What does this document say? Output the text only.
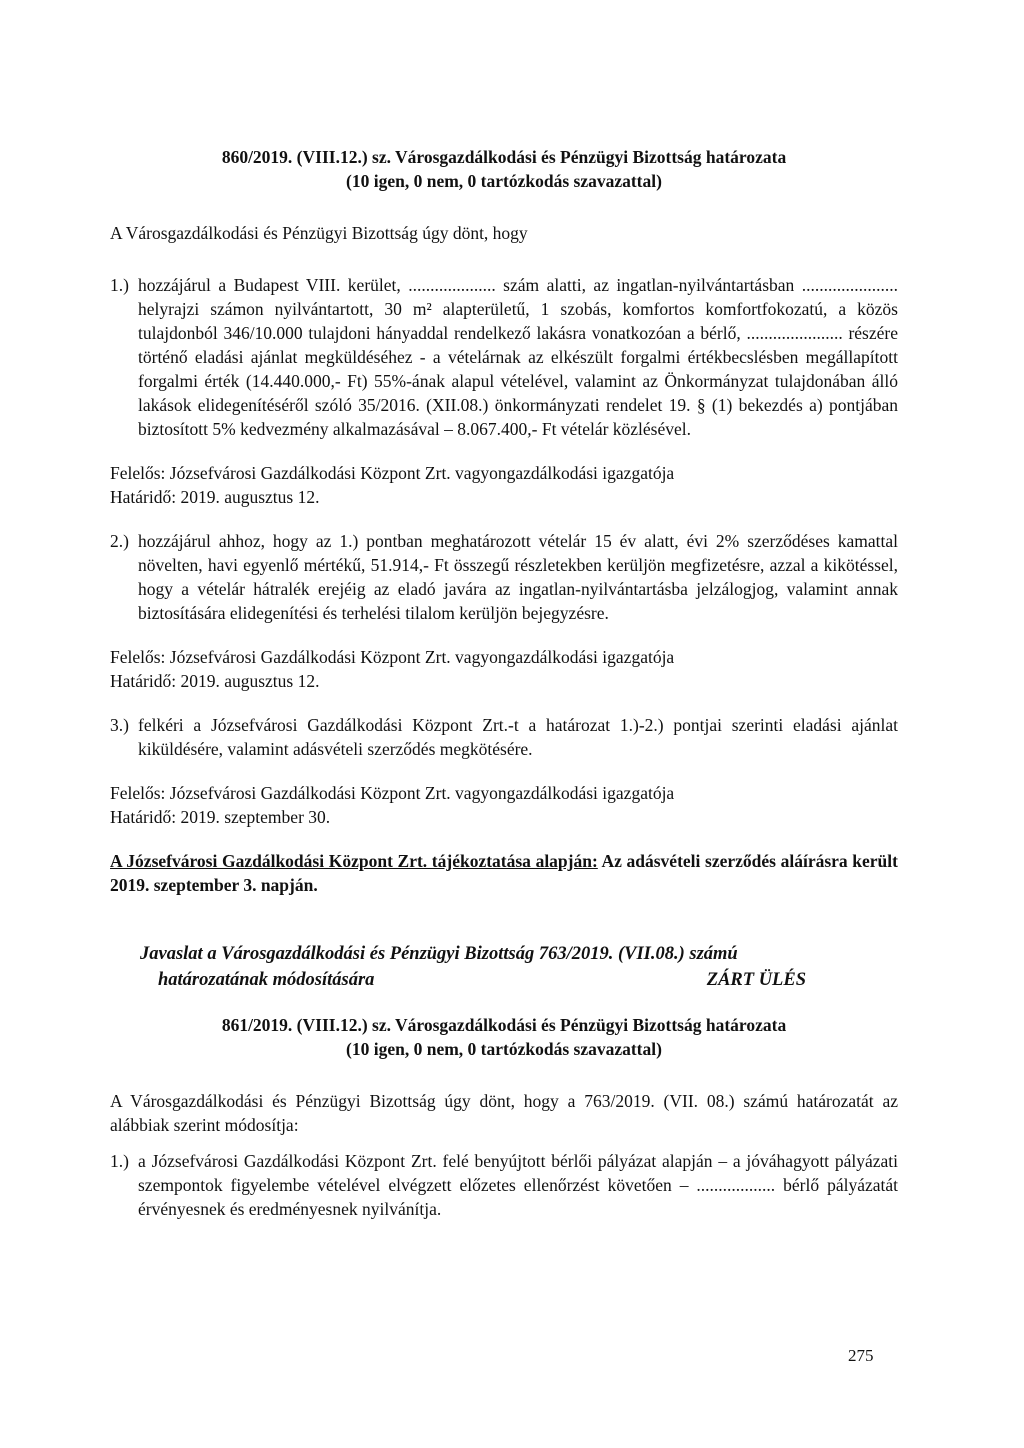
860/2019. (VIII.12.) sz. Városgazdálkodási és Pénzügyi Bizottság határozata
(10 igen, 0 nem, 0 tartózkodás szavazattal)

A Városgazdálkodási és Pénzügyi Bizottság úgy dönt, hogy

1.) hozzájárul a Budapest VIII. kerület, .................... szám alatti, az ingatlan-nyilvántartásban ...................... helyrajzi számon nyilvántartott, 30 m² alapterületű, 1 szobás, komfortos komfortfokozatú, a közös tulajdonból 346/10.000 tulajdoni hányaddal rendelkező lakásra vonatkozóan a bérlő, ...................... részére történő eladási ajánlat megküldéséhez - a vételárnak az elkészült forgalmi értékbecslésben megállapított forgalmi érték (14.440.000,- Ft) 55%-ának alapul vételével, valamint az Önkormányzat tulajdonában álló lakások elidegenítéséről szóló 35/2016. (XII.08.) önkormányzati rendelet 19. § (1) bekezdés a) pontjában biztosított 5% kedvezmény alkalmazásával – 8.067.400,- Ft vételár közlésével.
Felelős: Józsefvárosi Gazdálkodási Központ Zrt. vagyongazdálkodási igazgatója
Határidő: 2019. augusztus 12.
2.) hozzájárul ahhoz, hogy az 1.) pontban meghatározott vételár 15 év alatt, évi 2% szerződéses kamattal növelten, havi egyenlő mértékű, 51.914,- Ft összegű részletekben kerüljön megfizetésre, azzal a kikötéssel, hogy a vételár hátralék erejéig az eladó javára az ingatlan-nyilvántartásba jelzálogjog, valamint annak biztosítására elidegenítési és terhelési tilalom kerüljön bejegyzésre.
Felelős: Józsefvárosi Gazdálkodási Központ Zrt. vagyongazdálkodási igazgatója
Határidő: 2019. augusztus 12.
3.) felkéri a Józsefvárosi Gazdálkodási Központ Zrt.-t a határozat 1.)-2.) pontjai szerinti eladási ajánlat kiküldésére, valamint adásvételi szerződés megkötésére.
Felelős: Józsefvárosi Gazdálkodási Központ Zrt. vagyongazdálkodási igazgatója
Határidő: 2019. szeptember 30.

A Józsefvárosi Gazdálkodási Központ Zrt. tájékoztatása alapján: Az adásvételi szerződés aláírásra került 2019. szeptember 3. napján.

Javaslat a Városgazdálkodási és Pénzügyi Bizottság 763/2019. (VII.08.) számú
határozatának módosítására	ZÁRT ÜLÉS
861/2019. (VIII.12.) sz. Városgazdálkodási és Pénzügyi Bizottság határozata
(10 igen, 0 nem, 0 tartózkodás szavazattal)

A Városgazdálkodási és Pénzügyi Bizottság úgy dönt, hogy a 763/2019. (VII. 08.) számú határozatát az alábbiak szerint módosítja:

1.) a Józsefvárosi Gazdálkodási Központ Zrt. felé benyújtott bérlői pályázat alapján – a jóváhagyott pályázati szempontok figyelembe vételével elvégzett előzetes ellenőrzést követően – .................. bérlő pályázatát érvényesnek és eredményesnek nyilvánítja.
275
